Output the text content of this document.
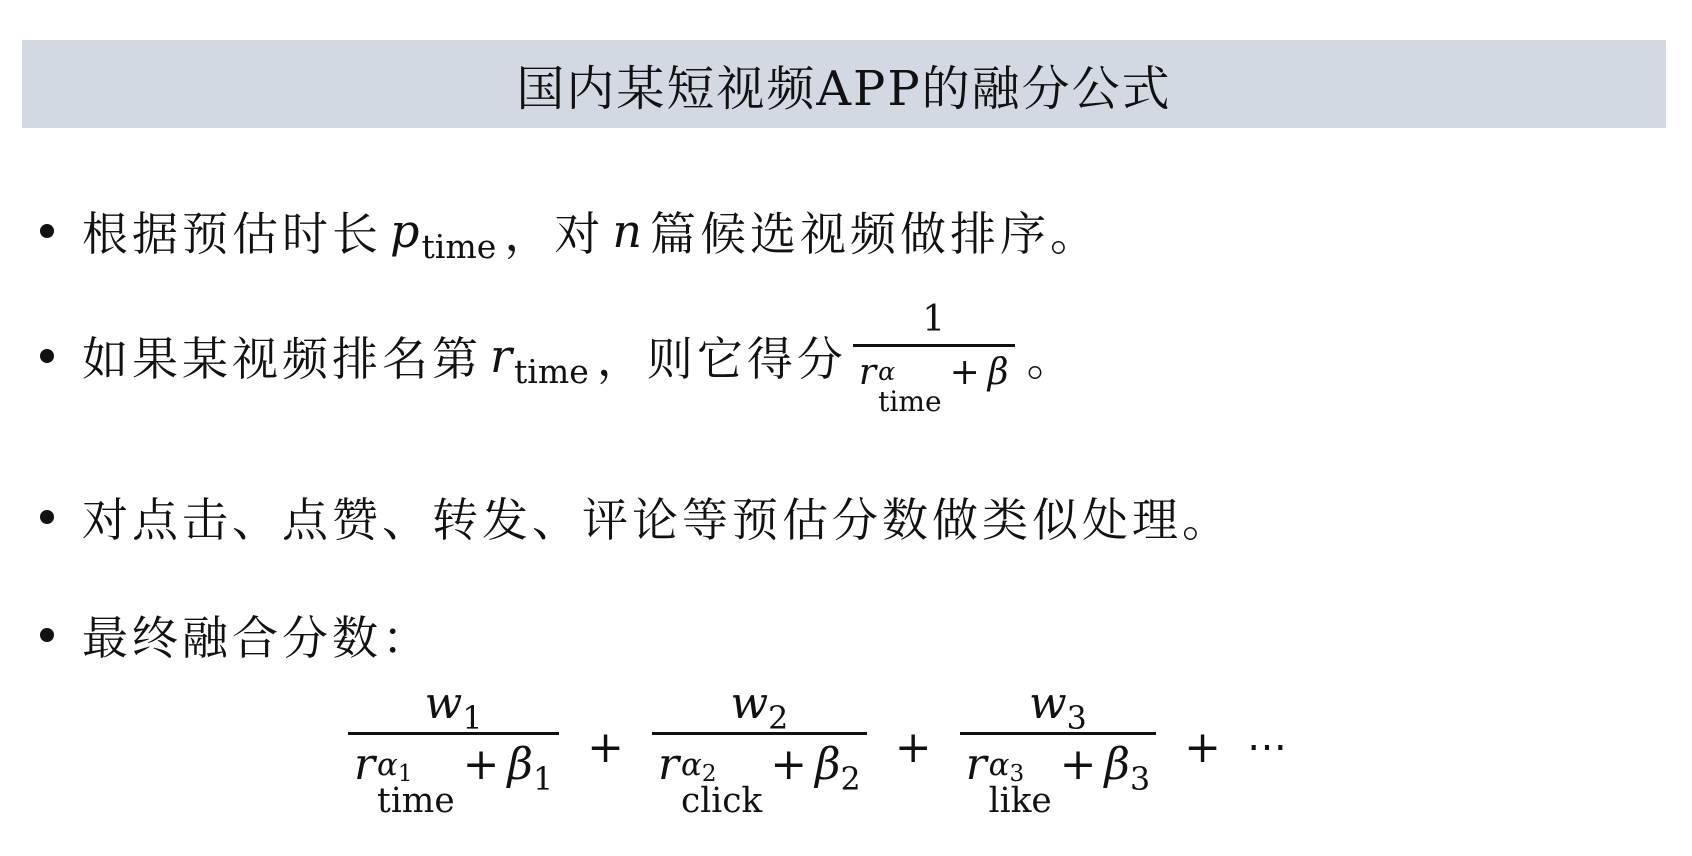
国内某短视频APP的融分公式
根据预估时长 p time ，对 n 篇候选视频做排序。
如果某视频排名第 r time ，则它得分 1
r α
time
+ β 。
对点击、点赞、转发、评论等预估分数做类似处理。
最终融合分数：
$w_1$
r α1
time
+ β $1 + w_2$
r α2
click
+ β $2 + w_3$
r α3
like
+ β 3 + ⋯
